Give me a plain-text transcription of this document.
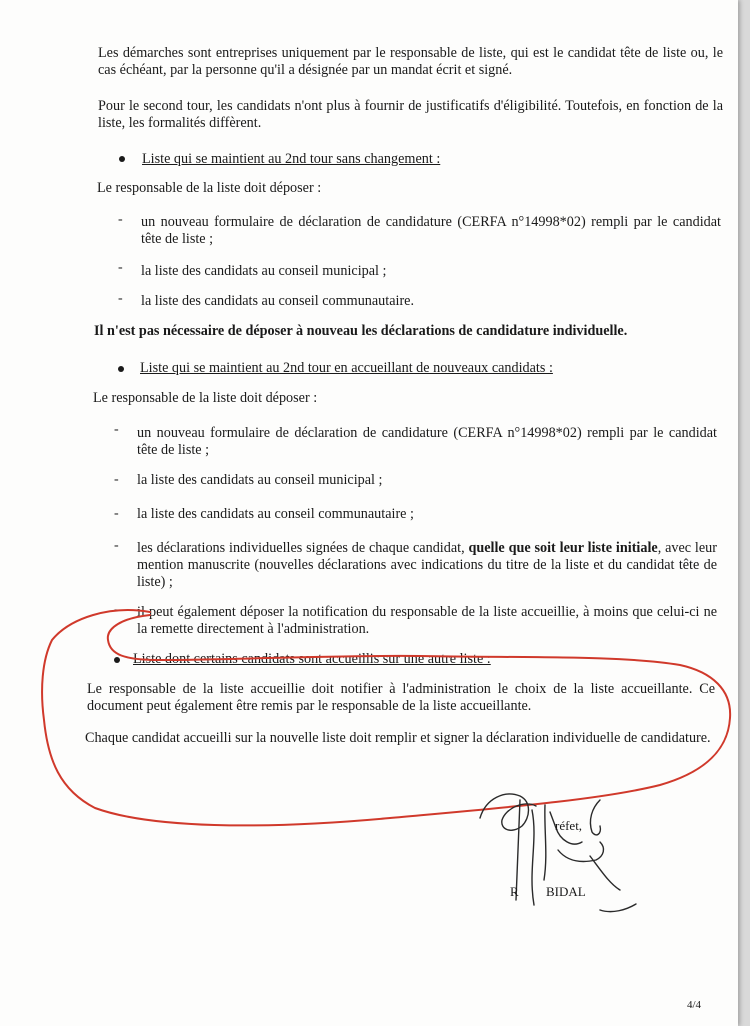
Les démarches sont entreprises uniquement par le responsable de liste, qui est le candidat tête de liste ou, le cas échéant, par la personne qu'il a désignée par un mandat écrit et signé.
Pour le second tour, les candidats n'ont plus à fournir de justificatifs d'éligibilité. Toutefois, en fonction de la liste, les formalités diffèrent.
Liste qui se maintient au 2nd tour sans changement :
Le responsable de la liste doit déposer :
- un nouveau formulaire de déclaration de candidature (CERFA n°14998*02) rempli par le candidat tête de liste ;
- la liste des candidats au conseil municipal ;
- la liste des candidats au conseil communautaire.
Il n'est pas nécessaire de déposer à nouveau les déclarations de candidature individuelle.
Liste qui se maintient au 2nd tour en accueillant de nouveaux candidats :
Le responsable de la liste doit déposer :
- un nouveau formulaire de déclaration de candidature (CERFA n°14998*02) rempli par le candidat tête de liste ;
- la liste des candidats au conseil municipal ;
- la liste des candidats au conseil communautaire ;
- les déclarations individuelles signées de chaque candidat, quelle que soit leur liste initiale, avec leur mention manuscrite (nouvelles déclarations avec indications du titre de la liste et du candidat tête de liste) ;
- il peut également déposer la notification du responsable de la liste accueillie, à moins que celui-ci ne la remette directement à l'administration.
Liste dont certains candidats sont accueillis sur une autre liste :
Le responsable de la liste accueillie doit notifier à l'administration le choix de la liste accueillante. Ce document peut également être remis par le responsable de la liste accueillante.
Chaque candidat accueilli sur la nouvelle liste doit remplir et signer la déclaration individuelle de candidature.
réfet,
R BIDAL
4/4
